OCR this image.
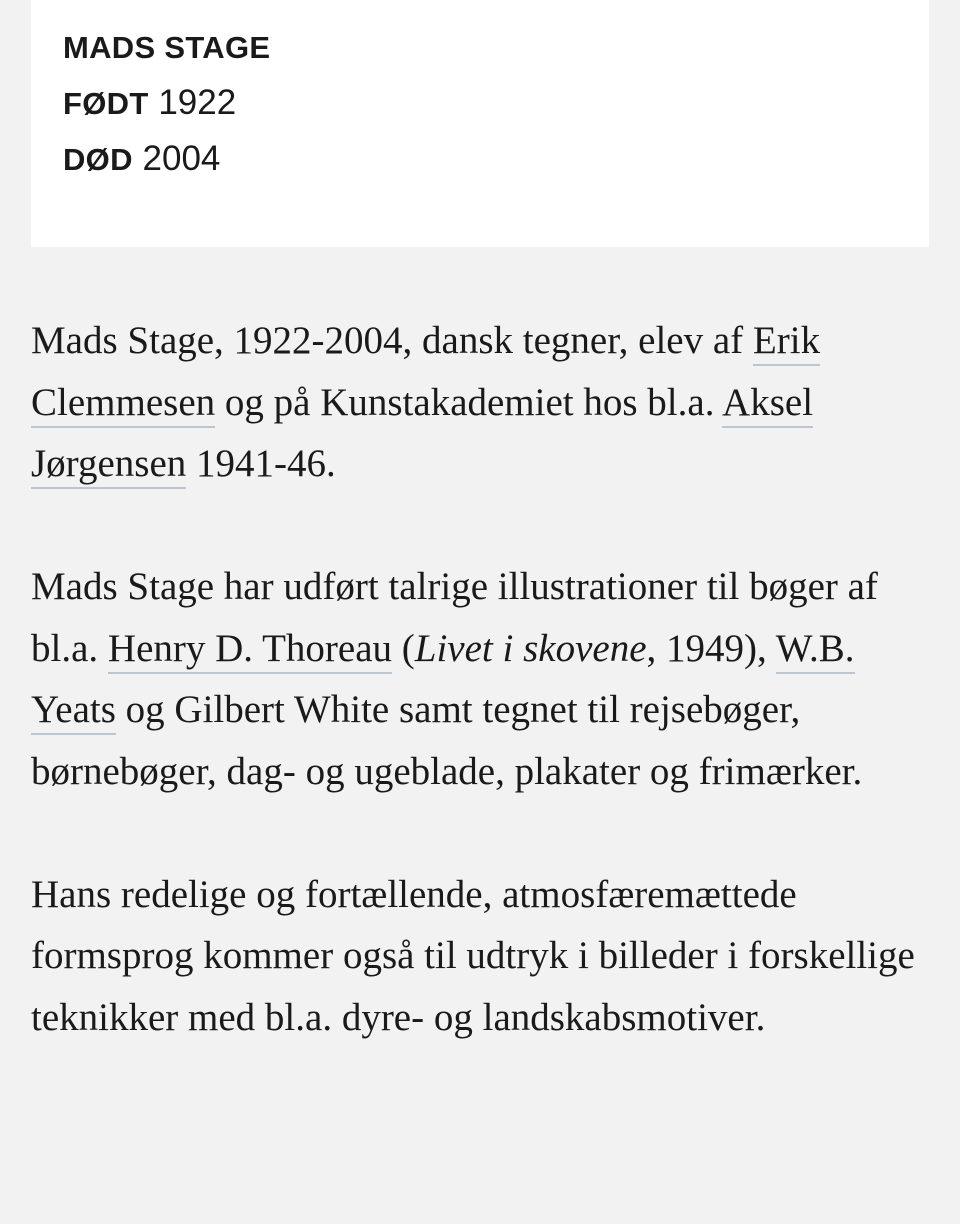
MADS STAGE
FØDT 1922
DØD 2004

Mads Stage, 1922-2004, dansk tegner, elev af Erik Clemmesen og på Kunstakademiet hos bl.a. Aksel Jørgensen 1941-46.

Mads Stage har udført talrige illustrationer til bøger af bl.a. Henry D. Thoreau (Livet i skovene, 1949), W.B. Yeats og Gilbert White samt tegnet til rejsebøger, børnebøger, dag- og ugeblade, plakater og frimærker.

Hans redelige og fortællende, atmosfæremættede formsprog kommer også til udtryk i billeder i forskellige teknikker med bl.a. dyre- og landskabsmotiver.
